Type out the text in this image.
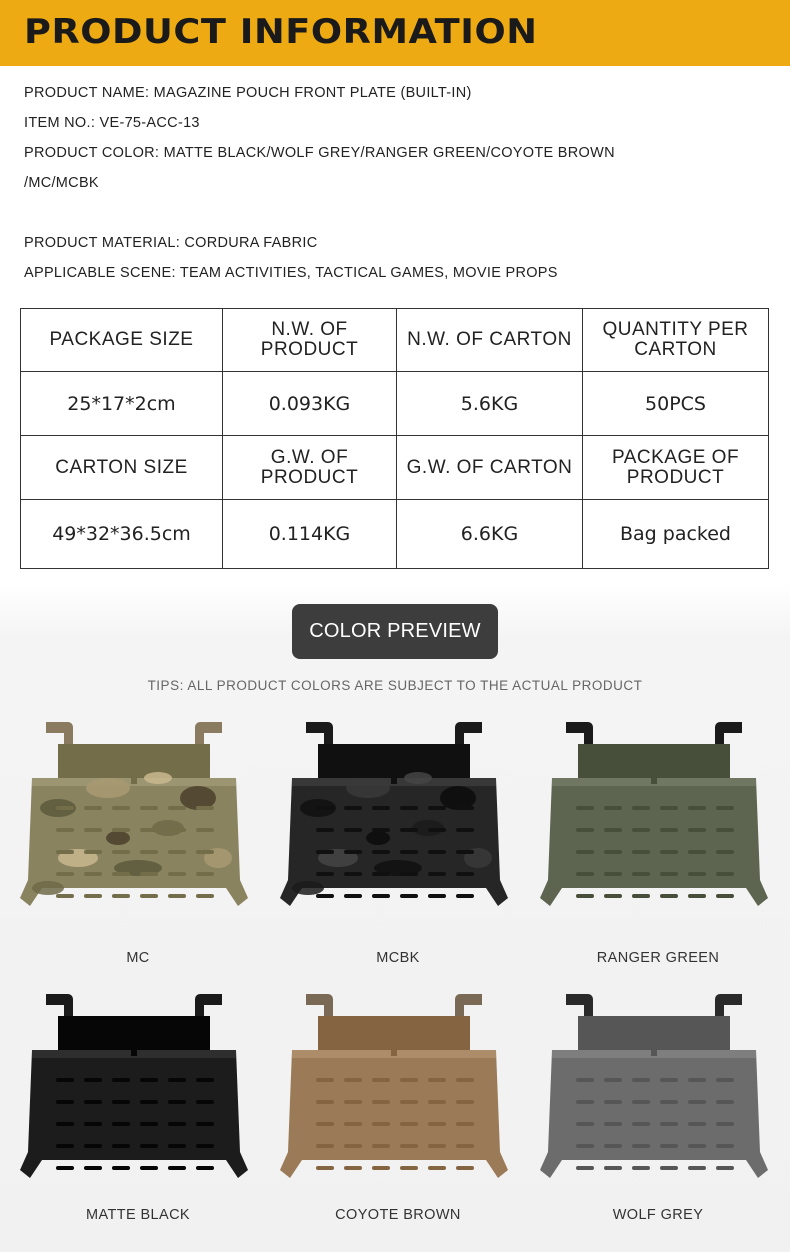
PRODUCT INFORMATION
PRODUCT NAME: MAGAZINE POUCH FRONT PLATE (BUILT-IN)
ITEM NO.: VE-75-ACC-13
PRODUCT COLOR: MATTE BLACK/WOLF GREY/RANGER GREEN/COYOTE BROWN
/MC/MCBK
PRODUCT MATERIAL: CORDURA FABRIC
APPLICABLE SCENE: TEAM ACTIVITIES, TACTICAL GAMES, MOVIE PROPS
PACKAGE SIZE	N.W. OF PRODUCT	N.W. OF CARTON	QUANTITY PER CARTON
25*17*2cm	0.093KG	5.6KG	50PCS
CARTON SIZE	G.W. OF PRODUCT	G.W. OF CARTON	PACKAGE OF PRODUCT
49*32*36.5cm	0.114KG	6.6KG	Bag packed
COLOR PREVIEW
TIPS: ALL PRODUCT COLORS ARE SUBJECT TO THE ACTUAL PRODUCT
MC	MCBK	RANGER GREEN
MATTE BLACK	COYOTE BROWN	WOLF GREY
